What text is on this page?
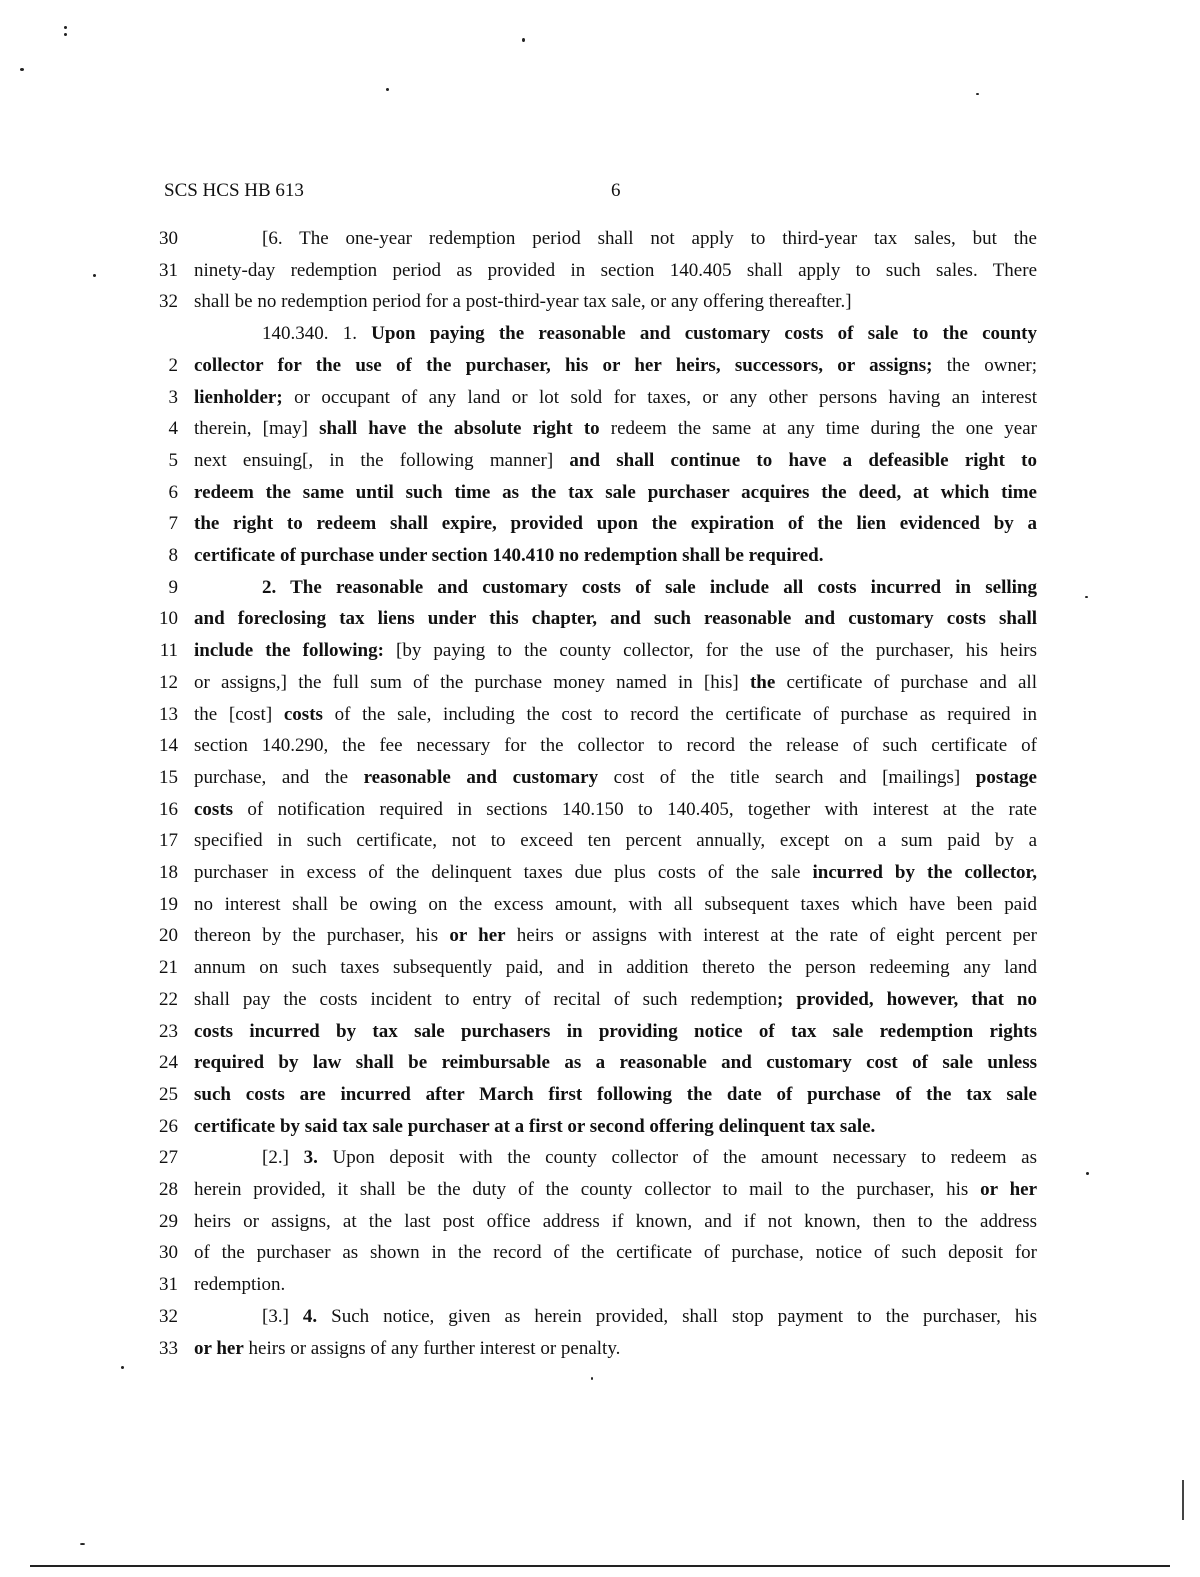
SCS HCS HB 613	6
30	[6. The one-year redemption period shall not apply to third-year tax sales, but the
31 ninety-day redemption period as provided in section 140.405 shall apply to such sales. There
32 shall be no redemption period for a post-third-year tax sale, or any offering thereafter.]
140.340. 1. Upon paying the reasonable and customary costs of sale to the county
2 collector for the use of the purchaser, his or her heirs, successors, or assigns; the owner;
3 lienholder; or occupant of any land or lot sold for taxes, or any other persons having an interest
4 therein, [may] shall have the absolute right to redeem the same at any time during the one year
5 next ensuing[, in the following manner] and shall continue to have a defeasible right to
6 redeem the same until such time as the tax sale purchaser acquires the deed, at which time
7 the right to redeem shall expire, provided upon the expiration of the lien evidenced by a
8 certificate of purchase under section 140.410 no redemption shall be required.
9	2. The reasonable and customary costs of sale include all costs incurred in selling
10 and foreclosing tax liens under this chapter, and such reasonable and customary costs shall
11 include the following: [by paying to the county collector, for the use of the purchaser, his heirs
12 or assigns,] the full sum of the purchase money named in [his] the certificate of purchase and all
13 the [cost] costs of the sale, including the cost to record the certificate of purchase as required in
14 section 140.290, the fee necessary for the collector to record the release of such certificate of
15 purchase, and the reasonable and customary cost of the title search and [mailings] postage
16 costs of notification required in sections 140.150 to 140.405, together with interest at the rate
17 specified in such certificate, not to exceed ten percent annually, except on a sum paid by a
18 purchaser in excess of the delinquent taxes due plus costs of the sale incurred by the collector,
19 no interest shall be owing on the excess amount, with all subsequent taxes which have been paid
20 thereon by the purchaser, his or her heirs or assigns with interest at the rate of eight percent per
21 annum on such taxes subsequently paid, and in addition thereto the person redeeming any land
22 shall pay the costs incident to entry of recital of such redemption; provided, however, that no
23 costs incurred by tax sale purchasers in providing notice of tax sale redemption rights
24 required by law shall be reimbursable as a reasonable and customary cost of sale unless
25 such costs are incurred after March first following the date of purchase of the tax sale
26 certificate by said tax sale purchaser at a first or second offering delinquent tax sale.
27	[2.] 3. Upon deposit with the county collector of the amount necessary to redeem as
28 herein provided, it shall be the duty of the county collector to mail to the purchaser, his or her
29 heirs or assigns, at the last post office address if known, and if not known, then to the address
30 of the purchaser as shown in the record of the certificate of purchase, notice of such deposit for
31 redemption.
32	[3.] 4. Such notice, given as herein provided, shall stop payment to the purchaser, his
33 or her heirs or assigns of any further interest or penalty.
